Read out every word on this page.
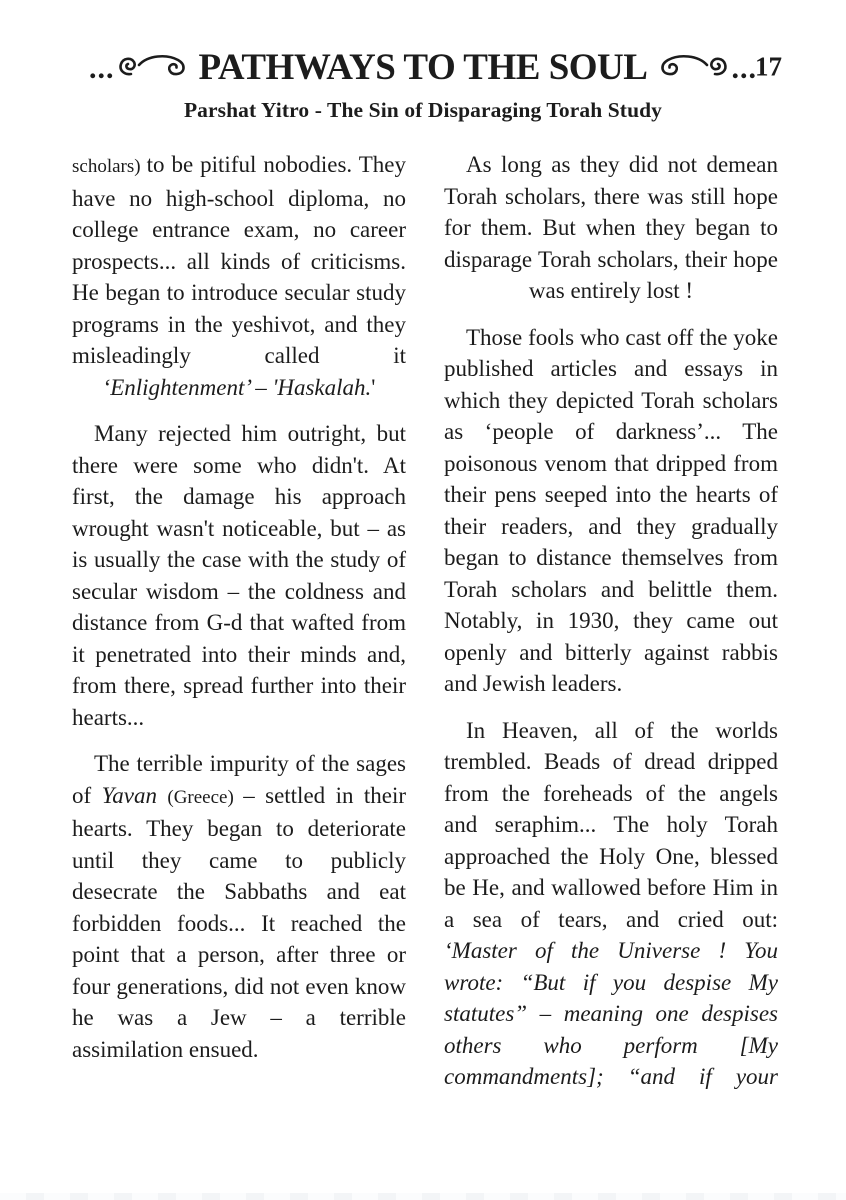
... PATHWAYS TO THE SOUL	...
17
Parshat Yitro - The Sin of Disparaging Torah Study

scholars) to be pitiful nobodies. They have no high-school diploma, no college entrance exam, no career prospects... all kinds of criticisms. He began to introduce secular study programs in the yeshivot, and they misleadingly called it ‘Enlightenment’ – 'Haskalah.'

Many rejected him outright, but there were some who didn't. At first, the damage his approach wrought wasn't noticeable, but – as is usually the case with the study of secular wisdom – the coldness and distance from G-d that wafted from it penetrated into their minds and, from there, spread further into their hearts...

The terrible impurity of the sages of Yavan (Greece) – settled in their hearts. They began to deteriorate until they came to publicly desecrate the Sabbaths and eat forbidden foods... It reached the point that a person, after three or four generations, did not even know he was a Jew – a terrible assimilation ensued.

As long as they did not demean Torah scholars, there was still hope for them. But when they began to disparage Torah scholars, their hope was entirely lost !

Those fools who cast off the yoke published articles and essays in which they depicted Torah scholars as ‘people of darkness’... The poisonous venom that dripped from their pens seeped into the hearts of their readers, and they gradually began to distance themselves from Torah scholars and belittle them. Notably, in 1930, they came out openly and bitterly against rabbis and Jewish leaders.

In Heaven, all of the worlds trembled. Beads of dread dripped from the foreheads of the angels and seraphim... The holy Torah approached the Holy One, blessed be He, and wallowed before Him in a sea of tears, and cried out: ‘Master of the Universe ! You wrote: “But if you despise My statutes” – meaning one despises others who perform [My commandments]; “and if your
